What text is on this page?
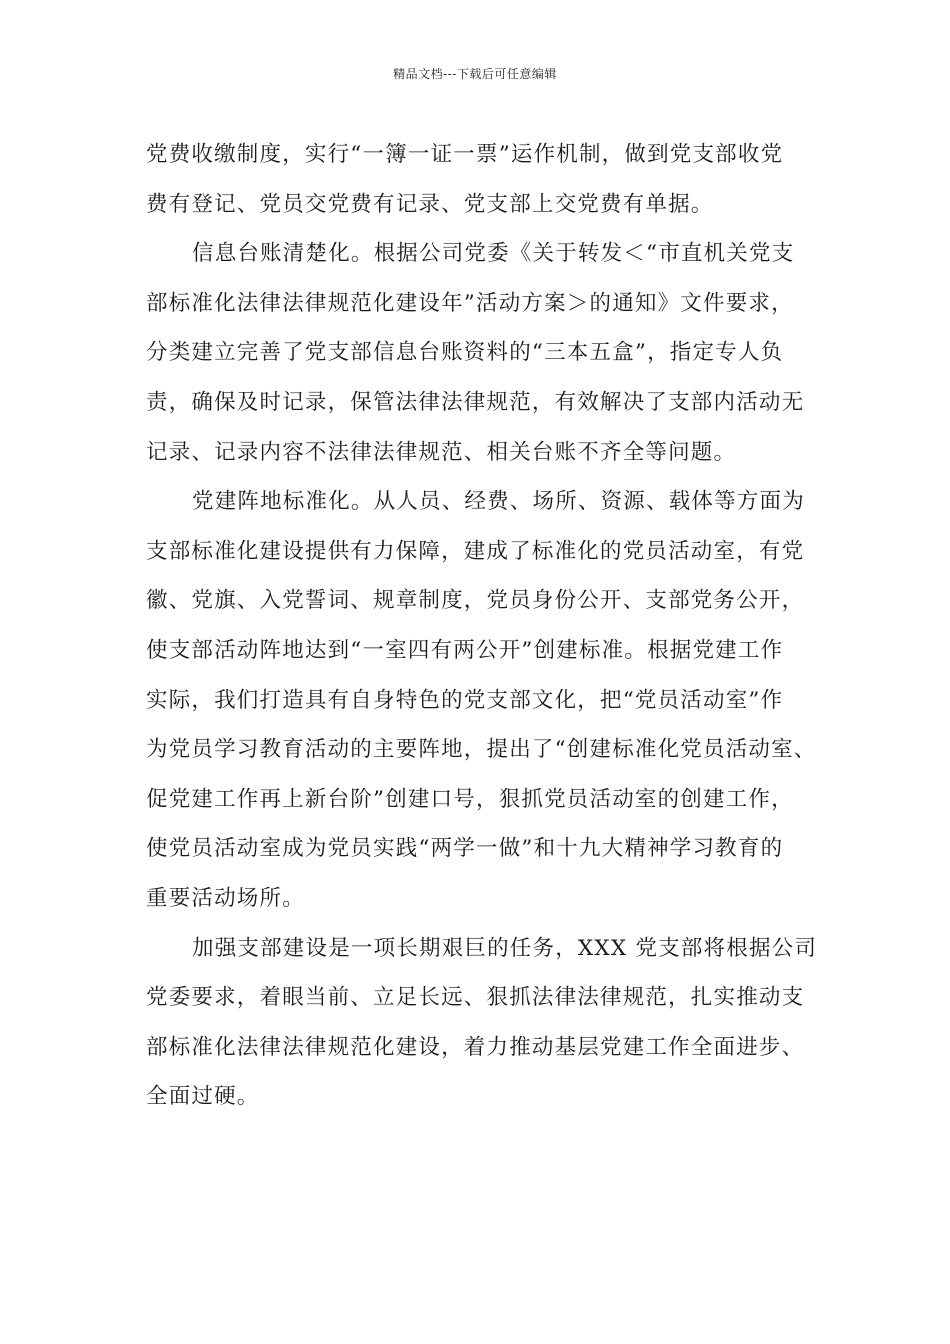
精品文档---下载后可任意编辑
党费收缴制度，实行“一簿一证一票”运作机制，做到党支部收党
费有登记、党员交党费有记录、党支部上交党费有单据。
信息台账清楚化。根据公司党委《关于转发＜“市直机关党支
部标准化法律法律规范化建设年”活动方案＞的通知》文件要求，
分类建立完善了党支部信息台账资料的“三本五盒”，指定专人负
责，确保及时记录，保管法律法律规范，有效解决了支部内活动无
记录、记录内容不法律法律规范、相关台账不齐全等问题。
党建阵地标准化。从人员、经费、场所、资源、载体等方面为
支部标准化建设提供有力保障，建成了标准化的党员活动室，有党
徽、党旗、入党誓词、规章制度，党员身份公开、支部党务公开，
使支部活动阵地达到“一室四有两公开”创建标准。根据党建工作
实际，我们打造具有自身特色的党支部文化，把“党员活动室”作
为党员学习教育活动的主要阵地，提出了“创建标准化党员活动室、
促党建工作再上新台阶”创建口号，狠抓党员活动室的创建工作，
使党员活动室成为党员实践“两学一做”和十九大精神学习教育的
重要活动场所。
加强支部建设是一项长期艰巨的任务，XXX 党支部将根据公司
党委要求，着眼当前、立足长远、狠抓法律法律规范，扎实推动支
部标准化法律法律规范化建设，着力推动基层党建工作全面进步、
全面过硬。
